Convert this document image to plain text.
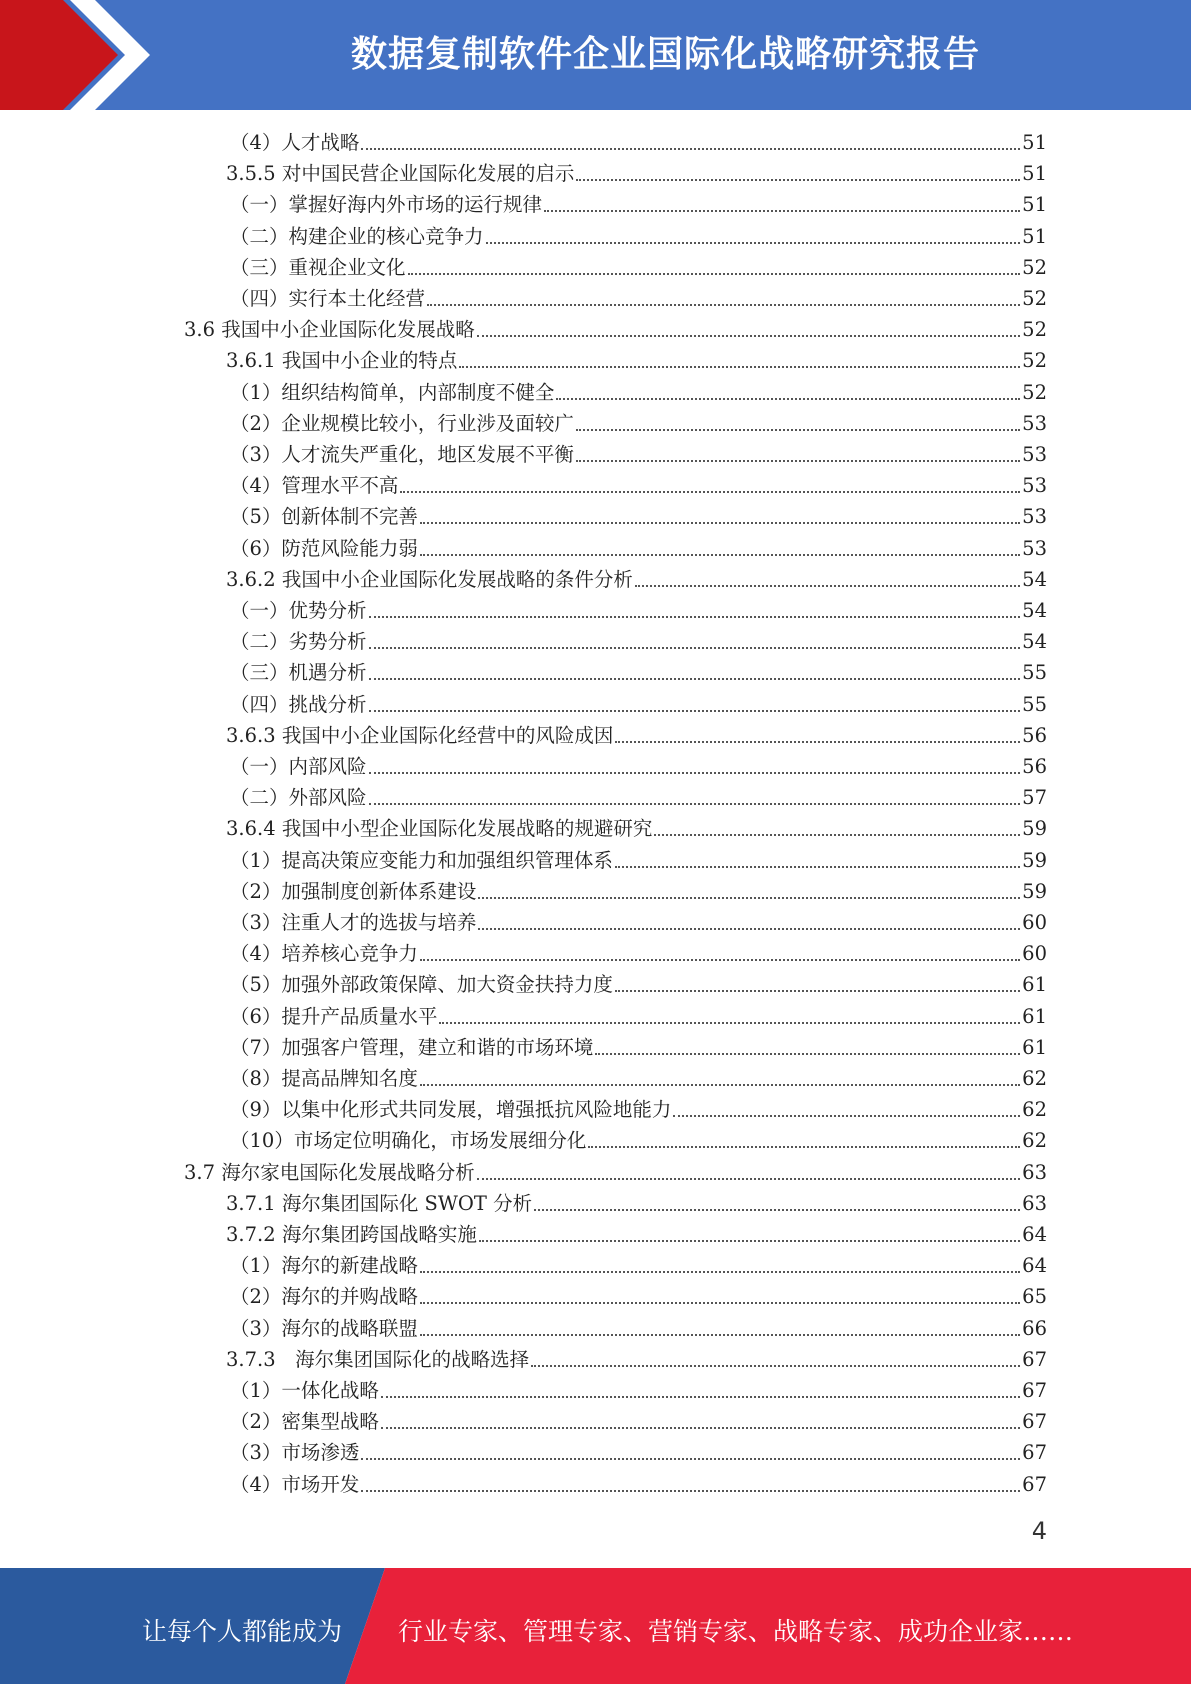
数据复制软件企业国际化战略研究报告
（4）人才战略	51
3.5.5 对中国民营企业国际化发展的启示	51
（一）掌握好海内外市场的运行规律	51
（二）构建企业的核心竞争力	51
（三）重视企业文化	52
（四）实行本土化经营	52
3.6 我国中小企业国际化发展战略	52
3.6.1 我国中小企业的特点	52
（1）组织结构简单，内部制度不健全	52
（2）企业规模比较小，行业涉及面较广	53
（3）人才流失严重化，地区发展不平衡	53
（4）管理水平不高	53
（5）创新体制不完善	53
（6）防范风险能力弱	53
3.6.2 我国中小企业国际化发展战略的条件分析	54
（一）优势分析	54
（二）劣势分析	54
（三）机遇分析	55
（四）挑战分析	55
3.6.3 我国中小企业国际化经营中的风险成因	56
（一）内部风险	56
（二）外部风险	57
3.6.4 我国中小型企业国际化发展战略的规避研究	59
（1）提高决策应变能力和加强组织管理体系	59
（2）加强制度创新体系建设	59
（3）注重人才的选拔与培养	60
（4）培养核心竞争力	60
（5）加强外部政策保障、加大资金扶持力度	61
（6）提升产品质量水平	61
（7）加强客户管理，建立和谐的市场环境	61
（8）提高品牌知名度	62
（9）以集中化形式共同发展，增强抵抗风险地能力	62
（10）市场定位明确化，市场发展细分化	62
3.7 海尔家电国际化发展战略分析	63
3.7.1 海尔集团国际化 SWOT 分析	63
3.7.2 海尔集团跨国战略实施	64
（1）海尔的新建战略	64
（2）海尔的并购战略	65
（3）海尔的战略联盟	66
3.7.3　海尔集团国际化的战略选择	67
（1）一体化战略	67
（2）密集型战略	67
（3）市场渗透	67
（4）市场开发	67
4
让每个人都能成为 行业专家、管理专家、营销专家、战略专家、成功企业家……
